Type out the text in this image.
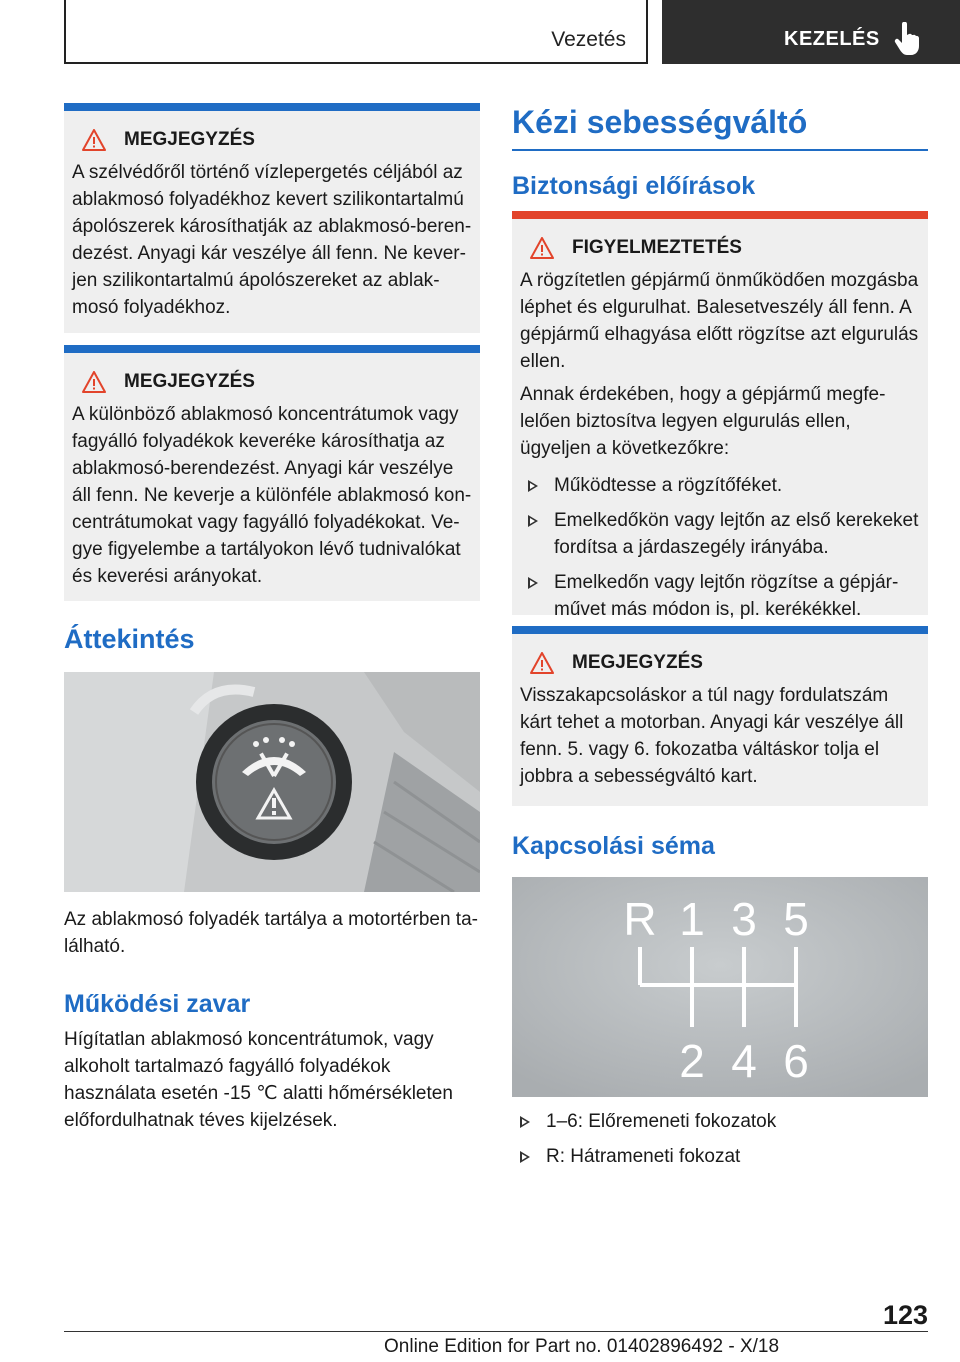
Vezetés	KEZELÉS
MEGJEGYZÉS

A szélvédőről történő vízlepergetés céljából az ablakmosó folyadékhoz kevert szilikontartalmú ápolószerek károsíthatják az ablakmosó-berendezést. Anyagi kár veszélye áll fenn. Ne keverjen szilikontartalmú ápolószereket az ablakmosó folyadékhoz.

MEGJEGYZÉS

A különböző ablakmosó koncentrátumok vagy fagyálló folyadékok keveréke károsíthatja az ablakmosó-berendezést. Anyagi kár veszélye áll fenn. Ne keverje a különféle ablakmosó koncentrátumokat vagy fagyálló folyadékokat. Vegye figyelembe a tartályokon lévő tudnivalókat és keverési arányokat.

Áttekintés

Az ablakmosó folyadék tartálya a motortérben található.

Működési zavar

Hígítatlan ablakmosó koncentrátumok, vagy alkoholt tartalmazó fagyálló folyadékok használata esetén -15 ℃ alatti hőmérsékleten előfordulhatnak téves kijelzések.

Kézi sebességváltó
Biztonsági előírások
FIGYELMEZTETÉS

A rögzítetlen gépjármű önműködően mozgásba léphet és elgurulhat. Balesetveszély áll fenn. A gépjármű elhagyása előtt rögzítse azt elgurulás ellen.

Annak érdekében, hogy a gépjármű megfelelően biztosítva legyen elgurulás ellen, ügyeljen a következőkre:

Működtesse a rögzítőféket.
Emelkedőkön vagy lejtőn az első kerekeket fordítsa a járdaszegély irányába.
Emelkedőn vagy lejtőn rögzítse a gépjárművet más módon is, pl. kerékékkel.
MEGJEGYZÉS

Visszakapcsoláskor a túl nagy fordulatszám kárt tehet a motorban. Anyagi kár veszélye áll fenn. 5. vagy 6. fokozatba váltáskor tolja el jobbra a sebességváltó kart.

Kapcsolási séma
R 1 3 5
2 4 6
1–6: Előremeneti fokozatok
R: Hátrameneti fokozat
123
Online Edition for Part no. 01402896492 - X/18
